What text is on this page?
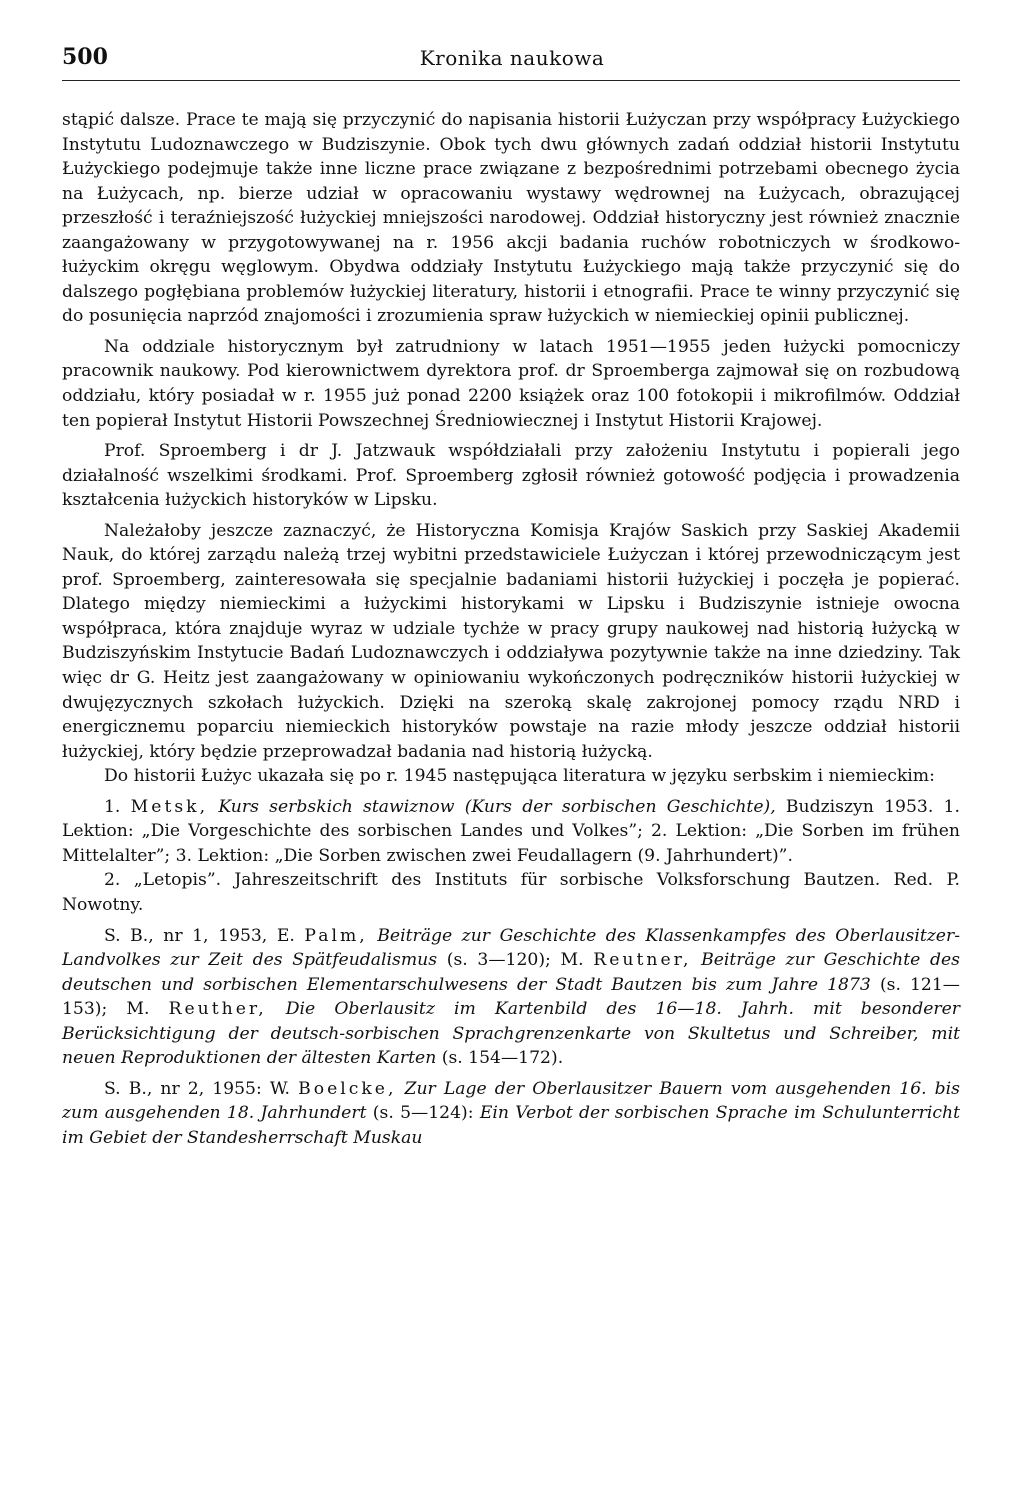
500	Kronika naukowa

stąpić dalsze. Prace te mają się przyczynić do napisania historii Łużyczan przy współpracy Łużyckiego Instytutu Ludoznawczego w Budziszynie. Obok tych dwu głównych zadań oddział historii Instytutu Łużyckiego podejmuje także inne liczne prace związane z bezpośrednimi potrzebami obecnego życia na Łużycach, np. bierze udział w opracowaniu wystawy wędrownej na Łużycach, obrazującej przeszłość i teraźniejszość łużyckiej mniejszości narodowej. Oddział historyczny jest również znacznie zaangażowany w przygotowywanej na r. 1956 akcji badania ruchów robotniczych w środkowo-łużyckim okręgu węglowym. Obydwa oddziały Instytutu Łużyckiego mają także przyczynić się do dalszego pogłębiana problemów łużyckiej literatury, historii i etnografii. Prace te winny przyczynić się do posunięcia naprzód znajomości i zrozumienia spraw łużyckich w niemieckiej opinii publicznej.

Na oddziale historycznym był zatrudniony w latach 1951—1955 jeden łużycki pomocniczy pracownik naukowy. Pod kierownictwem dyrektora prof. dr Sproemberga zajmował się on rozbudową oddziału, który posiadał w r. 1955 już ponad 2200 książek oraz 100 fotokopii i mikrofilmów. Oddział ten popierał Instytut Historii Powszechnej Średniowiecznej i Instytut Historii Krajowej.

Prof. Sproemberg i dr J. Jatzwauk współdziałali przy założeniu Instytutu i popierali jego działalność wszelkimi środkami. Prof. Sproemberg zgłosił również gotowość podjęcia i prowadzenia kształcenia łużyckich historyków w Lipsku.

Należałoby jeszcze zaznaczyć, że Historyczna Komisja Krajów Saskich przy Saskiej Akademii Nauk, do której zarządu należą trzej wybitni przedstawiciele Łużyczan i której przewodniczącym jest prof. Sproemberg, zainteresowała się specjalnie badaniami historii łużyckiej i poczęła je popierać. Dlatego między niemieckimi a łużyckimi historykami w Lipsku i Budziszynie istnieje owocna współpraca, która znajduje wyraz w udziale tychże w pracy grupy naukowej nad historią łużycką w Budziszyńskim Instytucie Badań Ludoznawczych i oddziaływa pozytywnie także na inne dziedziny. Tak więc dr G. Heitz jest zaangażowany w opiniowaniu wykończonych podręczników historii łużyckiej w dwujęzycznych szkołach łużyckich. Dzięki na szeroką skalę zakrojonej pomocy rządu NRD i energicznemu poparciu niemieckich historyków powstaje na razie młody jeszcze oddział historii łużyckiej, który będzie przeprowadzał badania nad historią łużycką.

Do historii Łużyc ukazała się po r. 1945 następująca literatura w języku serbskim i niemieckim:

1. Metsk, Kurs serbskich stawiznow (Kurs der sorbischen Geschichte), Budziszyn 1953. 1. Lektion: „Die Vorgeschichte des sorbischen Landes und Volkes”; 2. Lektion: „Die Sorben im frühen Mittelalter”; 3. Lektion: „Die Sorben zwischen zwei Feudallagern (9. Jahrhundert)”.

2. „Letopis”. Jahreszeitschrift des Instituts für sorbische Volksforschung Bautzen. Red. P. Nowotny.

S. B., nr 1, 1953, E. Palm, Beiträge zur Geschichte des Klassenkampfes des Oberlausitzer-Landvolkes zur Zeit des Spätfeudalismus (s. 3—120); M. Reutner, Beiträge zur Geschichte des deutschen und sorbischen Elementarschulwesens der Stadt Bautzen bis zum Jahre 1873 (s. 121—153); M. Reuther, Die Oberlausitz im Kartenbild des 16—18. Jahrh. mit besonderer Berücksichtigung der deutsch-sorbischen Sprachgrenzenkarte von Skultetus und Schreiber, mit neuen Reproduktionen der ältesten Karten (s. 154—172).

S. B., nr 2, 1955: W. Boelcke, Zur Lage der Oberlausitzer Bauern vom ausgehenden 16. bis zum ausgehenden 18. Jahrhundert (s. 5—124): Ein Verbot der sorbischen Sprache im Schulunterricht im Gebiet der Standesherrschaft Muskau
